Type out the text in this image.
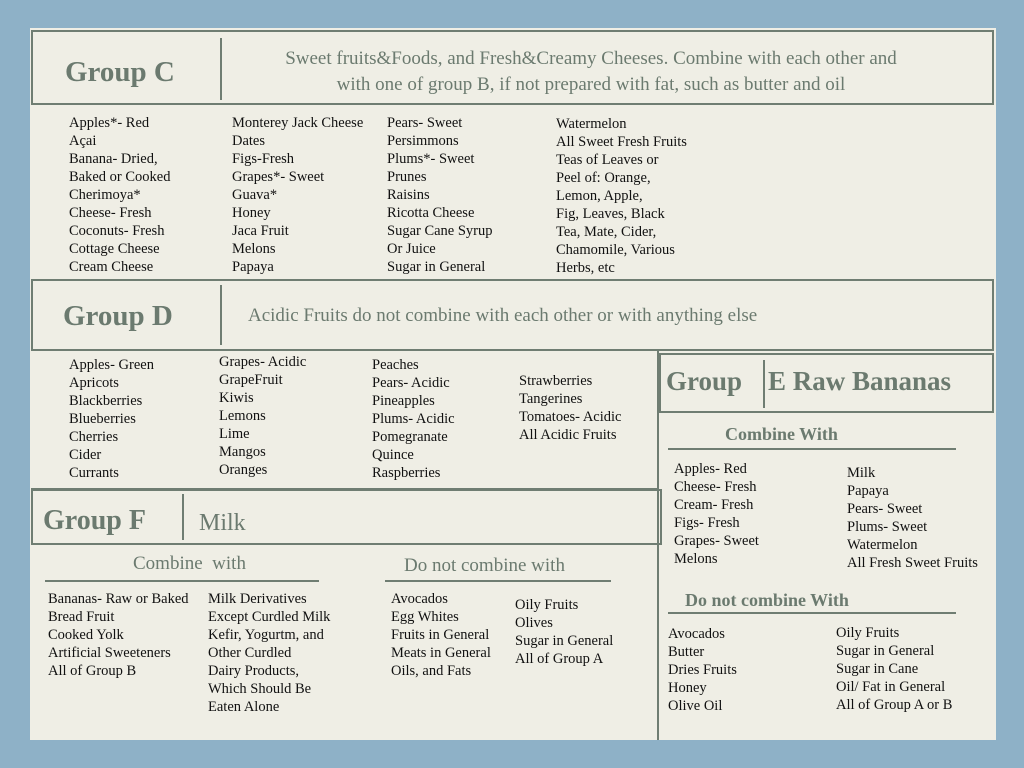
Group C	Sweet fruits&Foods, and Fresh&Creamy Cheeses. Combine with each other and
with one of group B, if not prepared with fat, such as butter and oil
Apples*- Red
Açai
Banana- Dried,
Baked or Cooked
Cherimoya*
Cheese- Fresh
Coconuts- Fresh
Cottage Cheese
Cream Cheese
Monterey Jack Cheese
Dates
Figs-Fresh
Grapes*- Sweet
Guava*
Honey
Jaca Fruit
Melons
Papaya
Pears- Sweet
Persimmons
Plums*- Sweet
Prunes
Raisins
Ricotta Cheese
Sugar Cane Syrup
Or Juice
Sugar in General
Watermelon
All Sweet Fresh Fruits
Teas of Leaves or
Peel of: Orange,
Lemon, Apple,
Fig, Leaves, Black
Tea, Mate, Cider,
Chamomile, Various
Herbs, etc
Group D	Acidic Fruits do not combine with each other or with anything else
Apples- Green
Apricots
Blackberries
Blueberries
Cherries
Cider
Currants
Grapes- Acidic
GrapeFruit
Kiwis
Lemons
Lime
Mangos
Oranges
Peaches
Pears- Acidic
Pineapples
Plums- Acidic
Pomegranate
Quince
Raspberries
Strawberries
Tangerines
Tomatoes- Acidic
All Acidic Fruits
Group E Raw Bananas
Combine With
Apples- Red
Cheese- Fresh
Cream- Fresh
Figs- Fresh
Grapes- Sweet
Melons
Milk
Papaya
Pears- Sweet
Plums- Sweet
Watermelon
All Fresh Sweet Fruits
Do not combine With
Avocados
Butter
Dries Fruits
Honey
Olive Oil
Oily Fruits
Sugar in General
Sugar in Cane
Oil/ Fat in General
All of Group A or B
Group F Milk
Combine  with
Bananas- Raw or Baked
Bread Fruit
Cooked Yolk
Artificial Sweeteners
All of Group B
Milk Derivatives
Except Curdled Milk
Kefir, Yogurtm, and
Other Curdled
Dairy Products,
Which Should Be
Eaten Alone
Do not combine with
Avocados
Egg Whites
Fruits in General
Meats in General
Oils, and Fats
Oily Fruits
Olives
Sugar in General
All of Group A
